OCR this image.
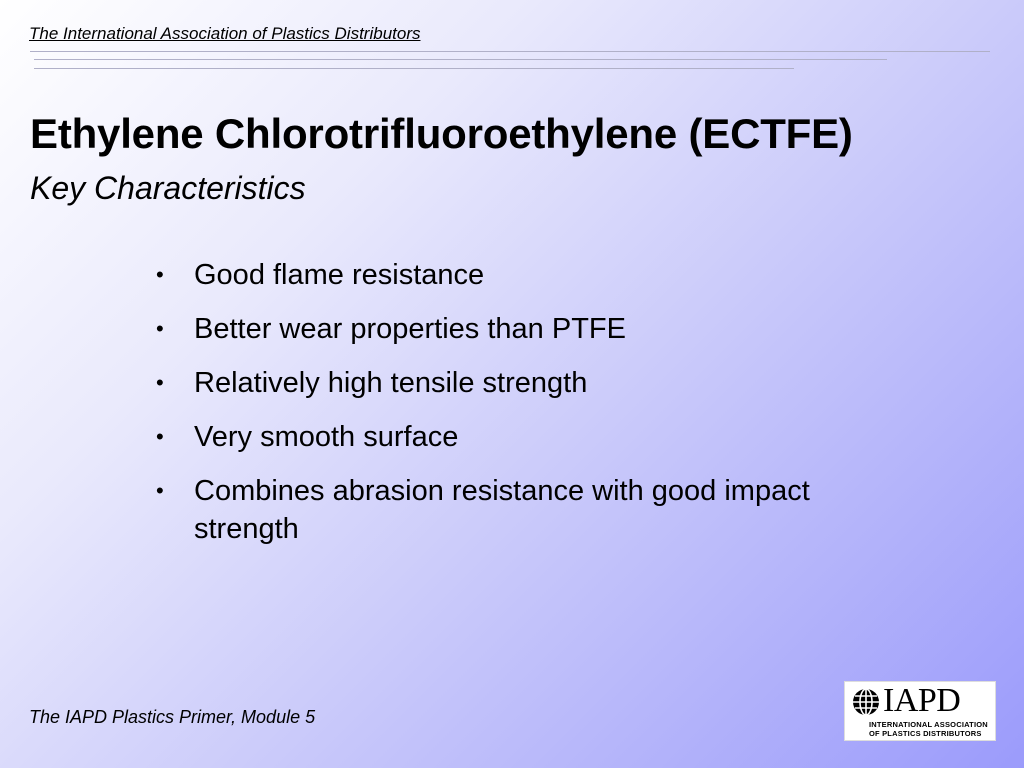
The International Association of Plastics Distributors
Ethylene Chlorotrifluoroethylene (ECTFE)
Key Characteristics
• Good flame resistance
• Better wear properties than PTFE
• Relatively high tensile strength
• Very smooth surface
• Combines abrasion resistance with good impact strength
The IAPD Plastics Primer, Module 5	IAPD
INTERNATIONAL ASSOCIATION
OF PLASTICS DISTRIBUTORS
